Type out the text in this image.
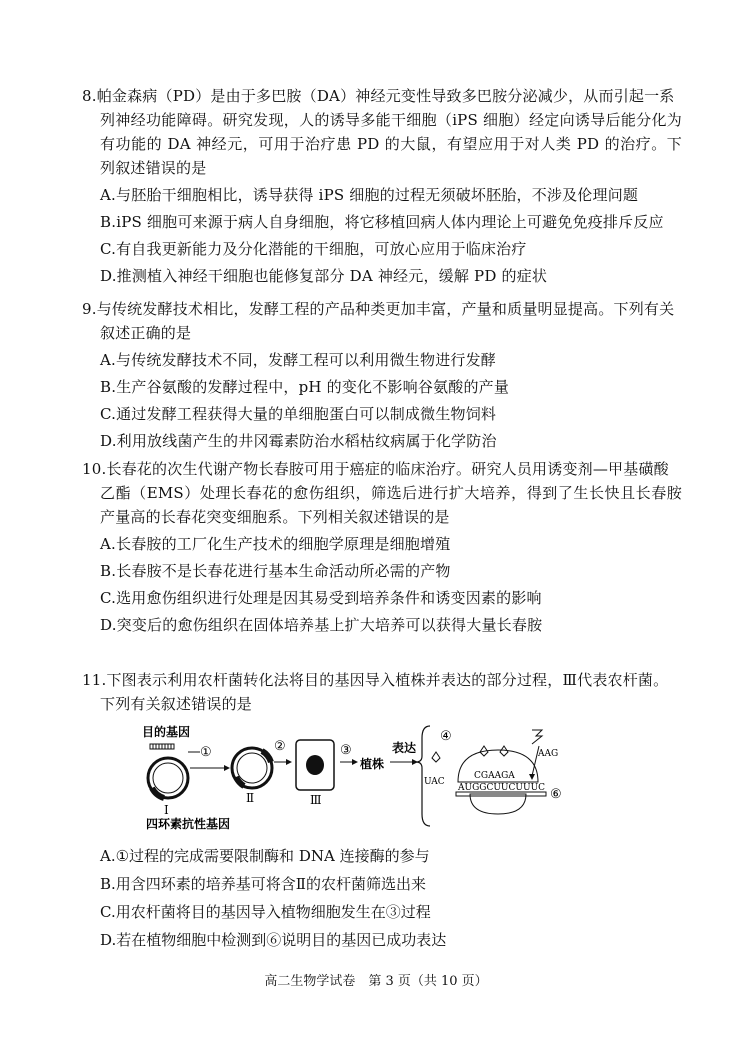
8.帕金森病（PD）是由于多巴胺（DA）神经元变性导致多巴胺分泌减少，从而引起一系
列神经功能障碍。研究发现，人的诱导多能干细胞（iPS 细胞）经定向诱导后能分化为有功能的 DA 神经元，可用于治疗患 PD 的大鼠，有望应用于对人类 PD 的治疗。下列叙述错误的是

A.与胚胎干细胞相比，诱导获得 iPS 细胞的过程无须破坏胚胎，不涉及伦理问题
B.iPS 细胞可来源于病人自身细胞，将它移植回病人体内理论上可避免免疫排斥反应
C.有自我更新能力及分化潜能的干细胞，可放心应用于临床治疗
D.推测植入神经干细胞也能修复部分 DA 神经元，缓解 PD 的症状

9.与传统发酵技术相比，发酵工程的产品种类更加丰富，产量和质量明显提高。下列有关
叙述正确的是

A.与传统发酵技术不同，发酵工程可以利用微生物进行发酵
B.生产谷氨酸的发酵过程中，pH 的变化不影响谷氨酸的产量
C.通过发酵工程获得大量的单细胞蛋白可以制成微生物饲料
D.利用放线菌产生的井冈霉素防治水稻枯纹病属于化学防治

10.长春花的次生代谢产物长春胺可用于癌症的临床治疗。研究人员用诱变剂—甲基磺酸
乙酯（EMS）处理长春花的愈伤组织，筛选后进行扩大培养，得到了生长快且长春胺产量高的长春花突变细胞系。下列相关叙述错误的是

A.长春胺的工厂化生产技术的细胞学原理是细胞增殖
B.长春胺不是长春花进行基本生命活动所必需的产物
C.选用愈伤组织进行处理是因其易受到培养条件和诱变因素的影响
D.突变后的愈伤组织在固体培养基上扩大培养可以获得大量长春胺

11.下图表示利用农杆菌转化法将目的基因导入植株并表达的部分过程，Ⅲ代表农杆菌。
下列有关叙述错误的是

目的基因
Ⅰ
①
Ⅱ
②
Ⅲ
③
植株
表达
④
AAG
UAC
CGAAGA
AUGGCUUCUUUC ⑥
四环素抗性基因
A.①过程的完成需要限制酶和 DNA 连接酶的参与
B.用含四环素的培养基可将含Ⅱ的农杆菌筛选出来
C.用农杆菌将目的基因导入植物细胞发生在③过程
D.若在植物细胞中检测到⑥说明目的基因已成功表达
高二生物学试卷　第 3 页（共 10 页）
